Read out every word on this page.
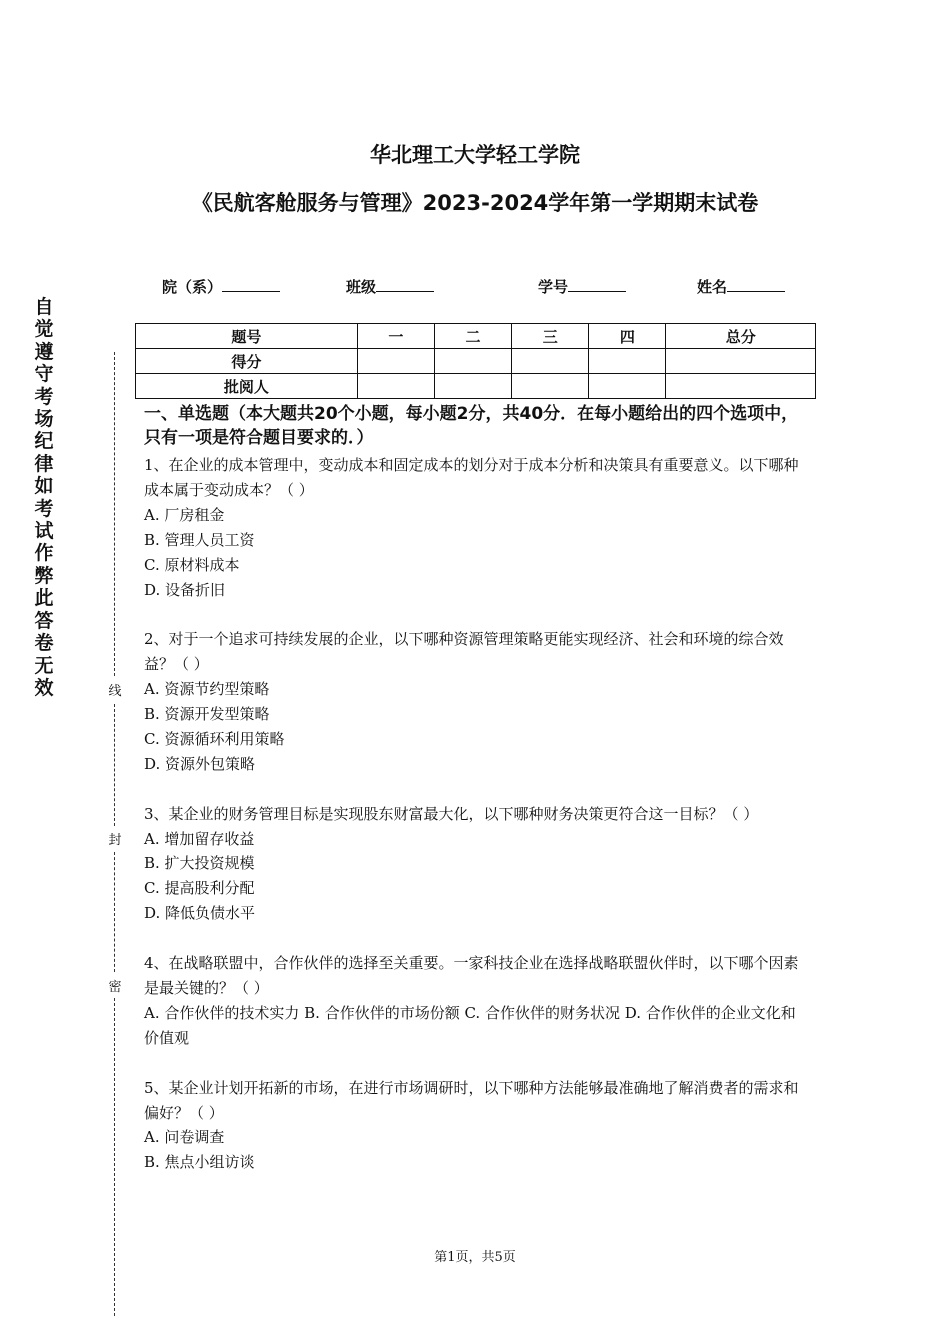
华北理工大学轻工学院
《民航客舱服务与管理》2023-2024学年第一学期期末试卷
院（系）	班级	学号	姓名
题号	一	二	三	四	总分
得分					
批阅人					
自觉遵守考场纪律如考试作弊此答卷无效	线
封
密
一、单选题（本大题共20个小题，每小题2分，共40分．在每小题给出的四个选项中，只有一项是符合题目要求的．）
1、在企业的成本管理中，变动成本和固定成本的划分对于成本分析和决策具有重要意义。以下哪种成本属于变动成本？（ ）
A. 厂房租金
B. 管理人员工资
C. 原材料成本
D. 设备折旧
2、对于一个追求可持续发展的企业，以下哪种资源管理策略更能实现经济、社会和环境的综合效益？（ ）
A. 资源节约型策略
B. 资源开发型策略
C. 资源循环利用策略
D. 资源外包策略
3、某企业的财务管理目标是实现股东财富最大化，以下哪种财务决策更符合这一目标？（ ）
A. 增加留存收益
B. 扩大投资规模
C. 提高股利分配
D. 降低负债水平
4、在战略联盟中，合作伙伴的选择至关重要。一家科技企业在选择战略联盟伙伴时，以下哪个因素是最关键的？（ ）
A. 合作伙伴的技术实力 B. 合作伙伴的市场份额 C. 合作伙伴的财务状况 D. 合作伙伴的企业文化和价值观
5、某企业计划开拓新的市场，在进行市场调研时，以下哪种方法能够最准确地了解消费者的需求和偏好？（ ）
A. 问卷调查
B. 焦点小组访谈
第1页，共5页
